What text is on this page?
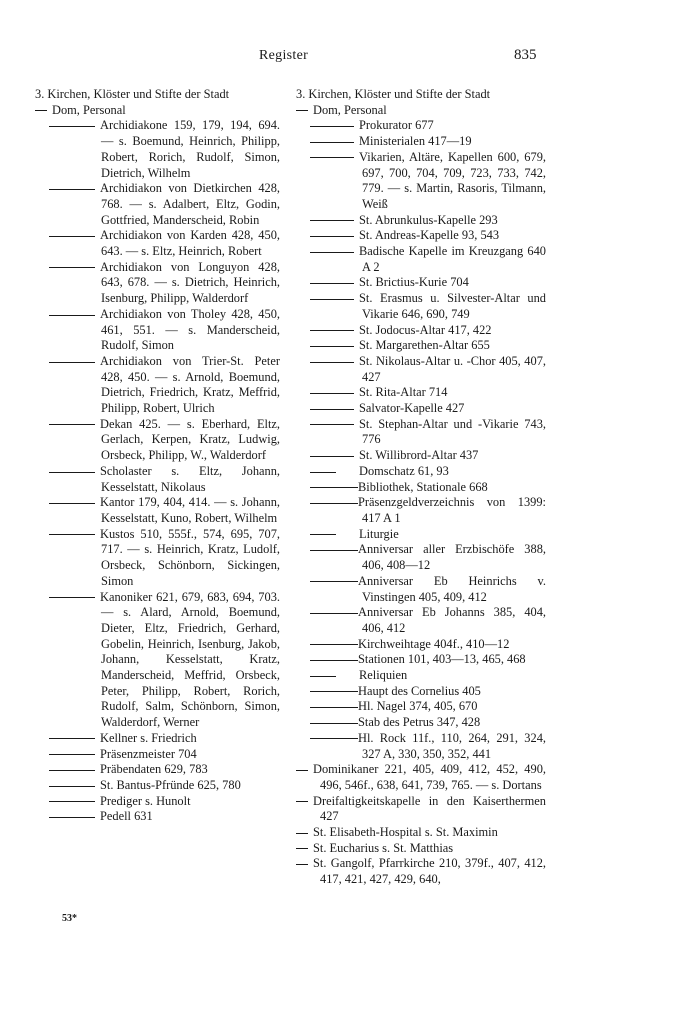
Register	835
3. Kirchen, Klöster und Stifte der Stadt
Dom, Personal
Archidiakone 159, 179, 194, 694. — s. Boemund, Heinrich, Philipp, Robert, Rorich, Rudolf, Simon, Dietrich, Wilhelm
Archidiakon von Dietkirchen 428, 768. — s. Adalbert, Eltz, Godin, Gottfried, Manderscheid, Robin
Archidiakon von Karden 428, 450, 643. — s. Eltz, Heinrich, Robert
Archidiakon von Longuyon 428, 643, 678. — s. Dietrich, Heinrich, Isenburg, Philipp, Walderdorf
Archidiakon von Tholey 428, 450, 461, 551. — s. Manderscheid, Rudolf, Simon
Archidiakon von Trier-St. Peter 428, 450. — s. Arnold, Boemund, Dietrich, Friedrich, Kratz, Meffrid, Philipp, Robert, Ulrich
Dekan 425. — s. Eberhard, Eltz, Gerlach, Kerpen, Kratz, Ludwig, Orsbeck, Philipp, W., Walderdorf
Scholaster s. Eltz, Johann, Kesselstatt, Nikolaus
Kantor 179, 404, 414. — s. Johann, Kesselstatt, Kuno, Robert, Wilhelm
Kustos 510, 555f., 574, 695, 707, 717. — s. Heinrich, Kratz, Ludolf, Orsbeck, Schönborn, Sickingen, Simon
Kanoniker 621, 679, 683, 694, 703. — s. Alard, Arnold, Boemund, Dieter, Eltz, Friedrich, Gerhard, Gobelin, Heinrich, Isenburg, Jakob, Johann, Kesselstatt, Kratz, Manderscheid, Meffrid, Orsbeck, Peter, Philipp, Robert, Rorich, Rudolf, Salm, Schönborn, Simon, Walderdorf, Werner
Kellner s. Friedrich
Präsenzmeister 704
Präbendaten 629, 783
St. Bantus-Pfründe 625, 780
Prediger s. Hunolt
Pedell 631
3. Kirchen, Klöster und Stifte der Stadt
Dom, Personal
Prokurator 677
Ministerialen 417—19
Vikarien, Altäre, Kapellen 600, 679, 697, 700, 704, 709, 723, 733, 742, 779. — s. Martin, Rasoris, Tilmann, Weiß
St. Abrunkulus-Kapelle 293
St. Andreas-Kapelle 93, 543
Badische Kapelle im Kreuzgang 640 A 2
St. Brictius-Kurie 704
St. Erasmus u. Silvester-Altar und Vikarie 646, 690, 749
St. Jodocus-Altar 417, 422
St. Margarethen-Altar 655
St. Nikolaus-Altar u. -Chor 405, 407, 427
St. Rita-Altar 714
Salvator-Kapelle 427
St. Stephan-Altar und -Vikarie 743, 776
St. Willibrord-Altar 437
Domschatz 61, 93
Bibliothek, Stationale 668
Präsenzgeldverzeichnis von 1399: 417 A 1
Liturgie
Anniversar aller Erzbischöfe 388, 406, 408—12
Anniversar Eb Heinrichs v. Vinstingen 405, 409, 412
Anniversar Eb Johanns 385, 404, 406, 412
Kirchweihtage 404f., 410—12
Stationen 101, 403—13, 465, 468
Reliquien
Haupt des Cornelius 405
Hl. Nagel 374, 405, 670
Stab des Petrus 347, 428
Hl. Rock 11f., 110, 264, 291, 324, 327 A, 330, 350, 352, 441
Dominikaner 221, 405, 409, 412, 452, 490, 496, 546f., 638, 641, 739, 765. — s. Dortans
Dreifaltigkeitskapelle in den Kaiserthermen 427
St. Elisabeth-Hospital s. St. Maximin
St. Eucharius s. St. Matthias
St. Gangolf, Pfarrkirche 210, 379f., 407, 412, 417, 421, 427, 429, 640,
53*
